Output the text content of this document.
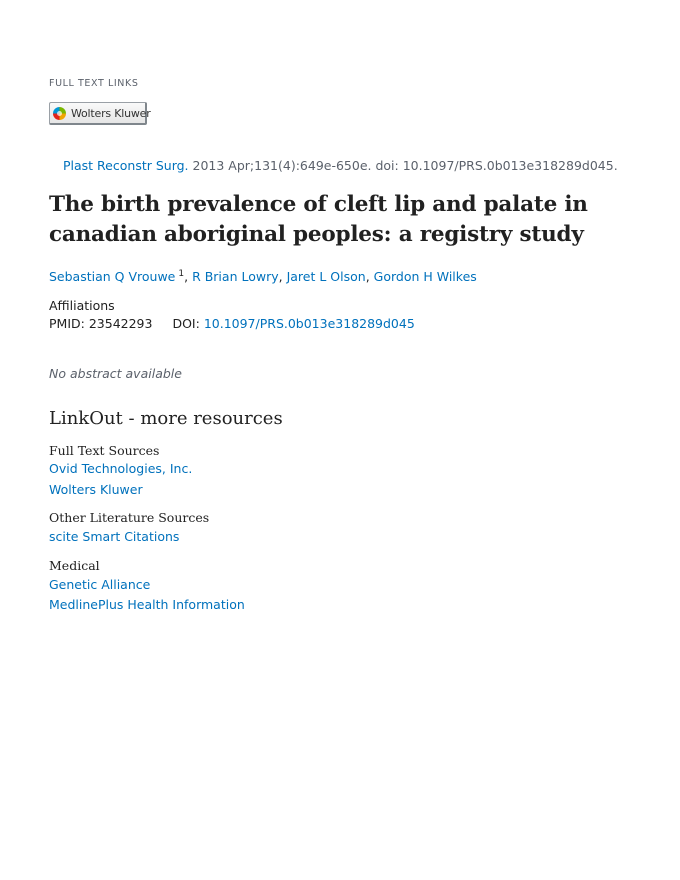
FULL TEXT LINKS
Wolters Kluwer
Plast Reconstr Surg. 2013 Apr;131(4):649e-650e. doi: 10.1097/PRS.0b013e318289d045.
The birth prevalence of cleft lip and palate in canadian aboriginal peoples: a registry study
Sebastian Q Vrouwe $^1$, R Brian Lowry, Jaret L Olson, Gordon H Wilkes
Affiliations
PMID: 23542293 DOI: 10.1097/PRS.0b013e318289d045
No abstract available
LinkOut - more resources
Full Text Sources
Ovid Technologies, Inc.
Wolters Kluwer
Other Literature Sources
scite Smart Citations
Medical
Genetic Alliance
MedlinePlus Health Information
